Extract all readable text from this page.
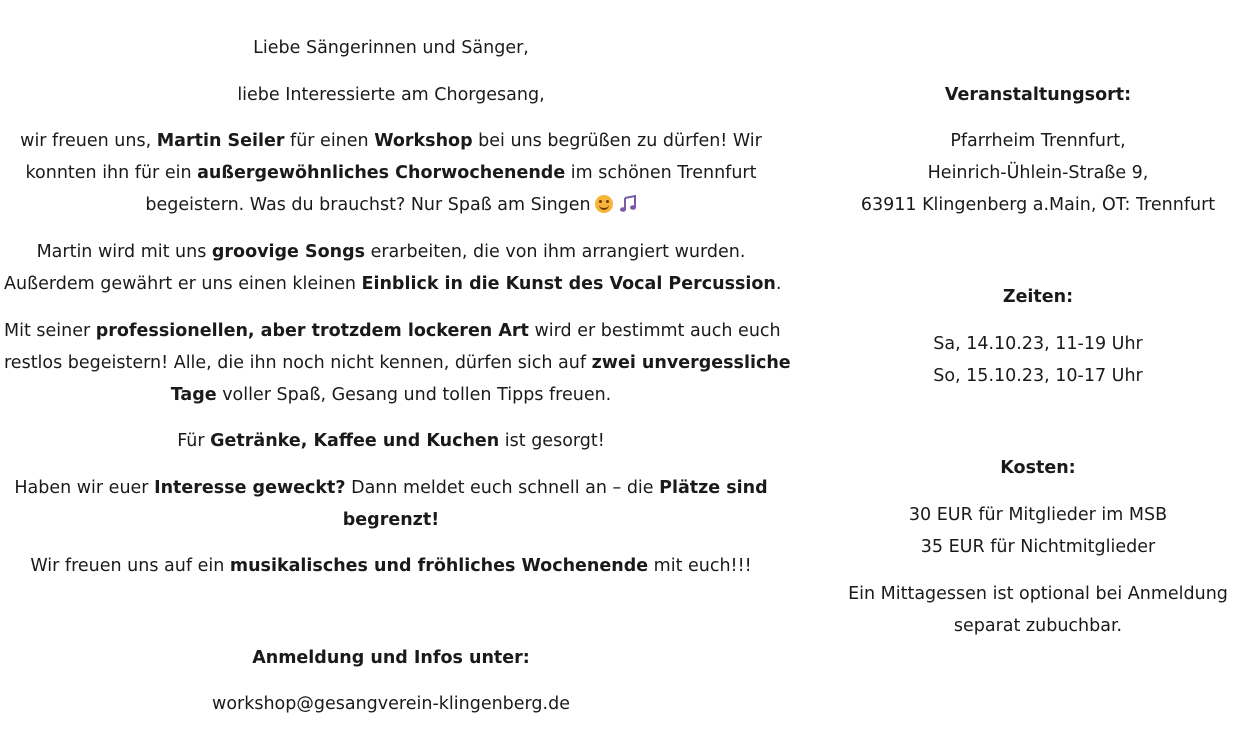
Liebe Sängerinnen und Sänger,
liebe Interessierte am Chorgesang,
wir freuen uns, Martin Seiler für einen Workshop bei uns begrüßen zu dürfen! Wir
konnten ihn für ein außergewöhnliches Chorwochenende im schönen Trennfurt
begeistern. Was du brauchst? Nur Spaß am Singen
Martin wird mit uns groovige Songs erarbeiten, die von ihm arrangiert wurden.
Außerdem gewährt er uns einen kleinen Einblick in die Kunst des Vocal Percussion.
Mit seiner professionellen, aber trotzdem lockeren Art wird er bestimmt auch euch
restlos begeistern! Alle, die ihn noch nicht kennen, dürfen sich auf zwei unvergessliche
Tage voller Spaß, Gesang und tollen Tipps freuen.
Für Getränke, Kaffee und Kuchen ist gesorgt!
Haben wir euer Interesse geweckt? Dann meldet euch schnell an – die Plätze sind
begrenzt!
Wir freuen uns auf ein musikalisches und fröhliches Wochenende mit euch!!!
Anmeldung und Infos unter:
workshop@gesangverein-klingenberg.de
Veranstaltungsort:
Pfarrheim Trennfurt,
Heinrich-Ühlein-Straße 9,
63911 Klingenberg a.Main, OT: Trennfurt
Zeiten:
Sa, 14.10.23, 11-19 Uhr
So, 15.10.23, 10-17 Uhr
Kosten:
30 EUR für Mitglieder im MSB
35 EUR für Nichtmitglieder
Ein Mittagessen ist optional bei Anmeldung
separat zubuchbar.
